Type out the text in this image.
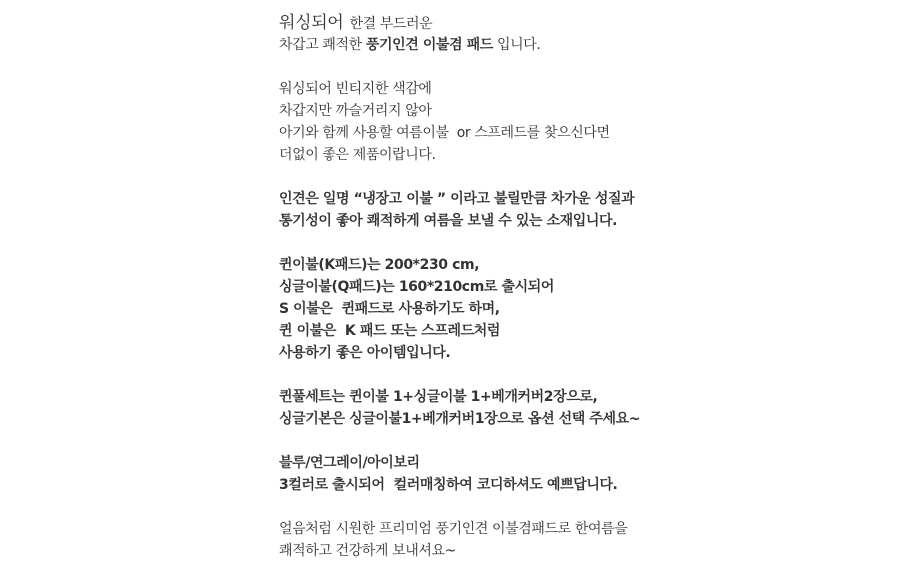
워싱되어 한결 부드러운
차갑고 쾌적한 풍기인견 이불겸 패드 입니다.
워싱되어 빈티지한 색감에
차갑지만 까슬거리지 않아
아기와 함께 사용할 여름이불  or 스프레드를 찾으신다면
더없이 좋은 제품이랍니다.
인견은 일명 “냉장고 이불 ” 이라고 불릴만큼 차가운 성질과
통기성이 좋아 쾌적하게 여름을 보낼 수 있는 소재입니다.
퀸이불(K패드)는 200*230 cm,
싱글이불(Q패드)는 160*210cm로 출시되어
S 이불은  퀸패드로 사용하기도 하며,
퀸 이불은  K 패드 또는 스프레드처럼
사용하기 좋은 아이템입니다.
퀸풀세트는 퀸이불 1+싱글이불 1+베개커버2장으로,
싱글기본은 싱글이불1+베개커버1장으로 옵션 선택 주세요~
블루/연그레이/아이보리
3컬러로 출시되어  컬러매칭하여 코디하셔도 예쁘답니다.
얼음처럼 시원한 프리미엄 풍기인견 이불겸패드로 한여름을
쾌적하고 건강하게 보내셔요~
